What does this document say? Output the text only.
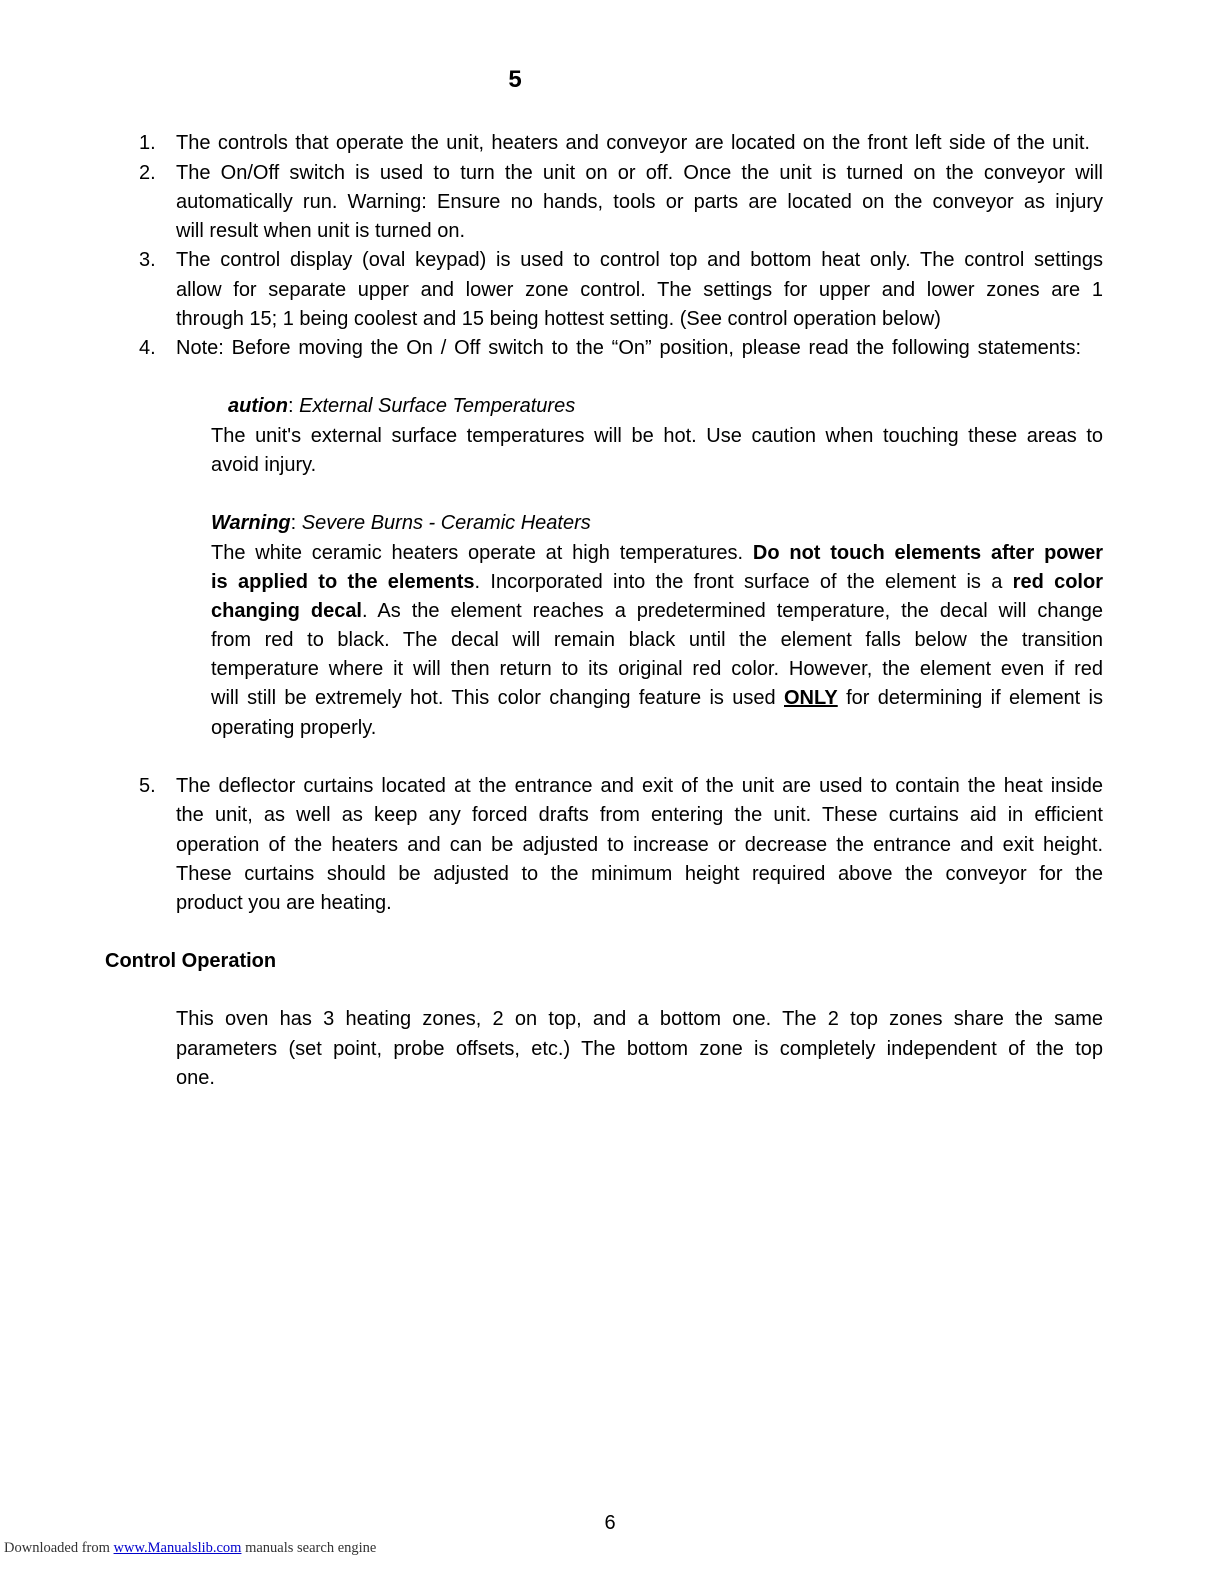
5
1. The controls that operate the unit, heaters and conveyor are located on the front left side of the unit.
2. The On/Off switch is used to turn the unit on or off. Once the unit is turned on the conveyor will
automatically run. Warning: Ensure no hands, tools or parts are located on the conveyor as injury
will result when unit is turned on.
3. The control display (oval keypad) is used to control top and bottom heat only. The control settings
allow for separate upper and lower zone control. The settings for upper and lower zones are 1
through 15; 1 being coolest and 15 being hottest setting. (See control operation below)
4. Note: Before moving the On / Off switch to the “On” position, please read the following statements:
aution: External Surface Temperatures
The unit's external surface temperatures will be hot. Use caution when touching these areas to
avoid injury.
Warning: Severe Burns - Ceramic Heaters
The white ceramic heaters operate at high temperatures. Do not touch elements after power
is applied to the elements. Incorporated into the front surface of the element is a red color
changing decal. As the element reaches a predetermined temperature, the decal will change
from red to black. The decal will remain black until the element falls below the transition
temperature where it will then return to its original red color. However, the element even if red
will still be extremely hot. This color changing feature is used ONLY for determining if element is
operating properly.
5. The deflector curtains located at the entrance and exit of the unit are used to contain the heat inside
the unit, as well as keep any forced drafts from entering the unit. These curtains aid in efficient
operation of the heaters and can be adjusted to increase or decrease the entrance and exit height.
These curtains should be adjusted to the minimum height required above the conveyor for the
product you are heating.
Control Operation
This oven has 3 heating zones, 2 on top, and a bottom one. The 2 top zones share the same
parameters (set point, probe offsets, etc.) The bottom zone is completely independent of the top
one.
6
Downloaded from www.Manualslib.com manuals search engine
